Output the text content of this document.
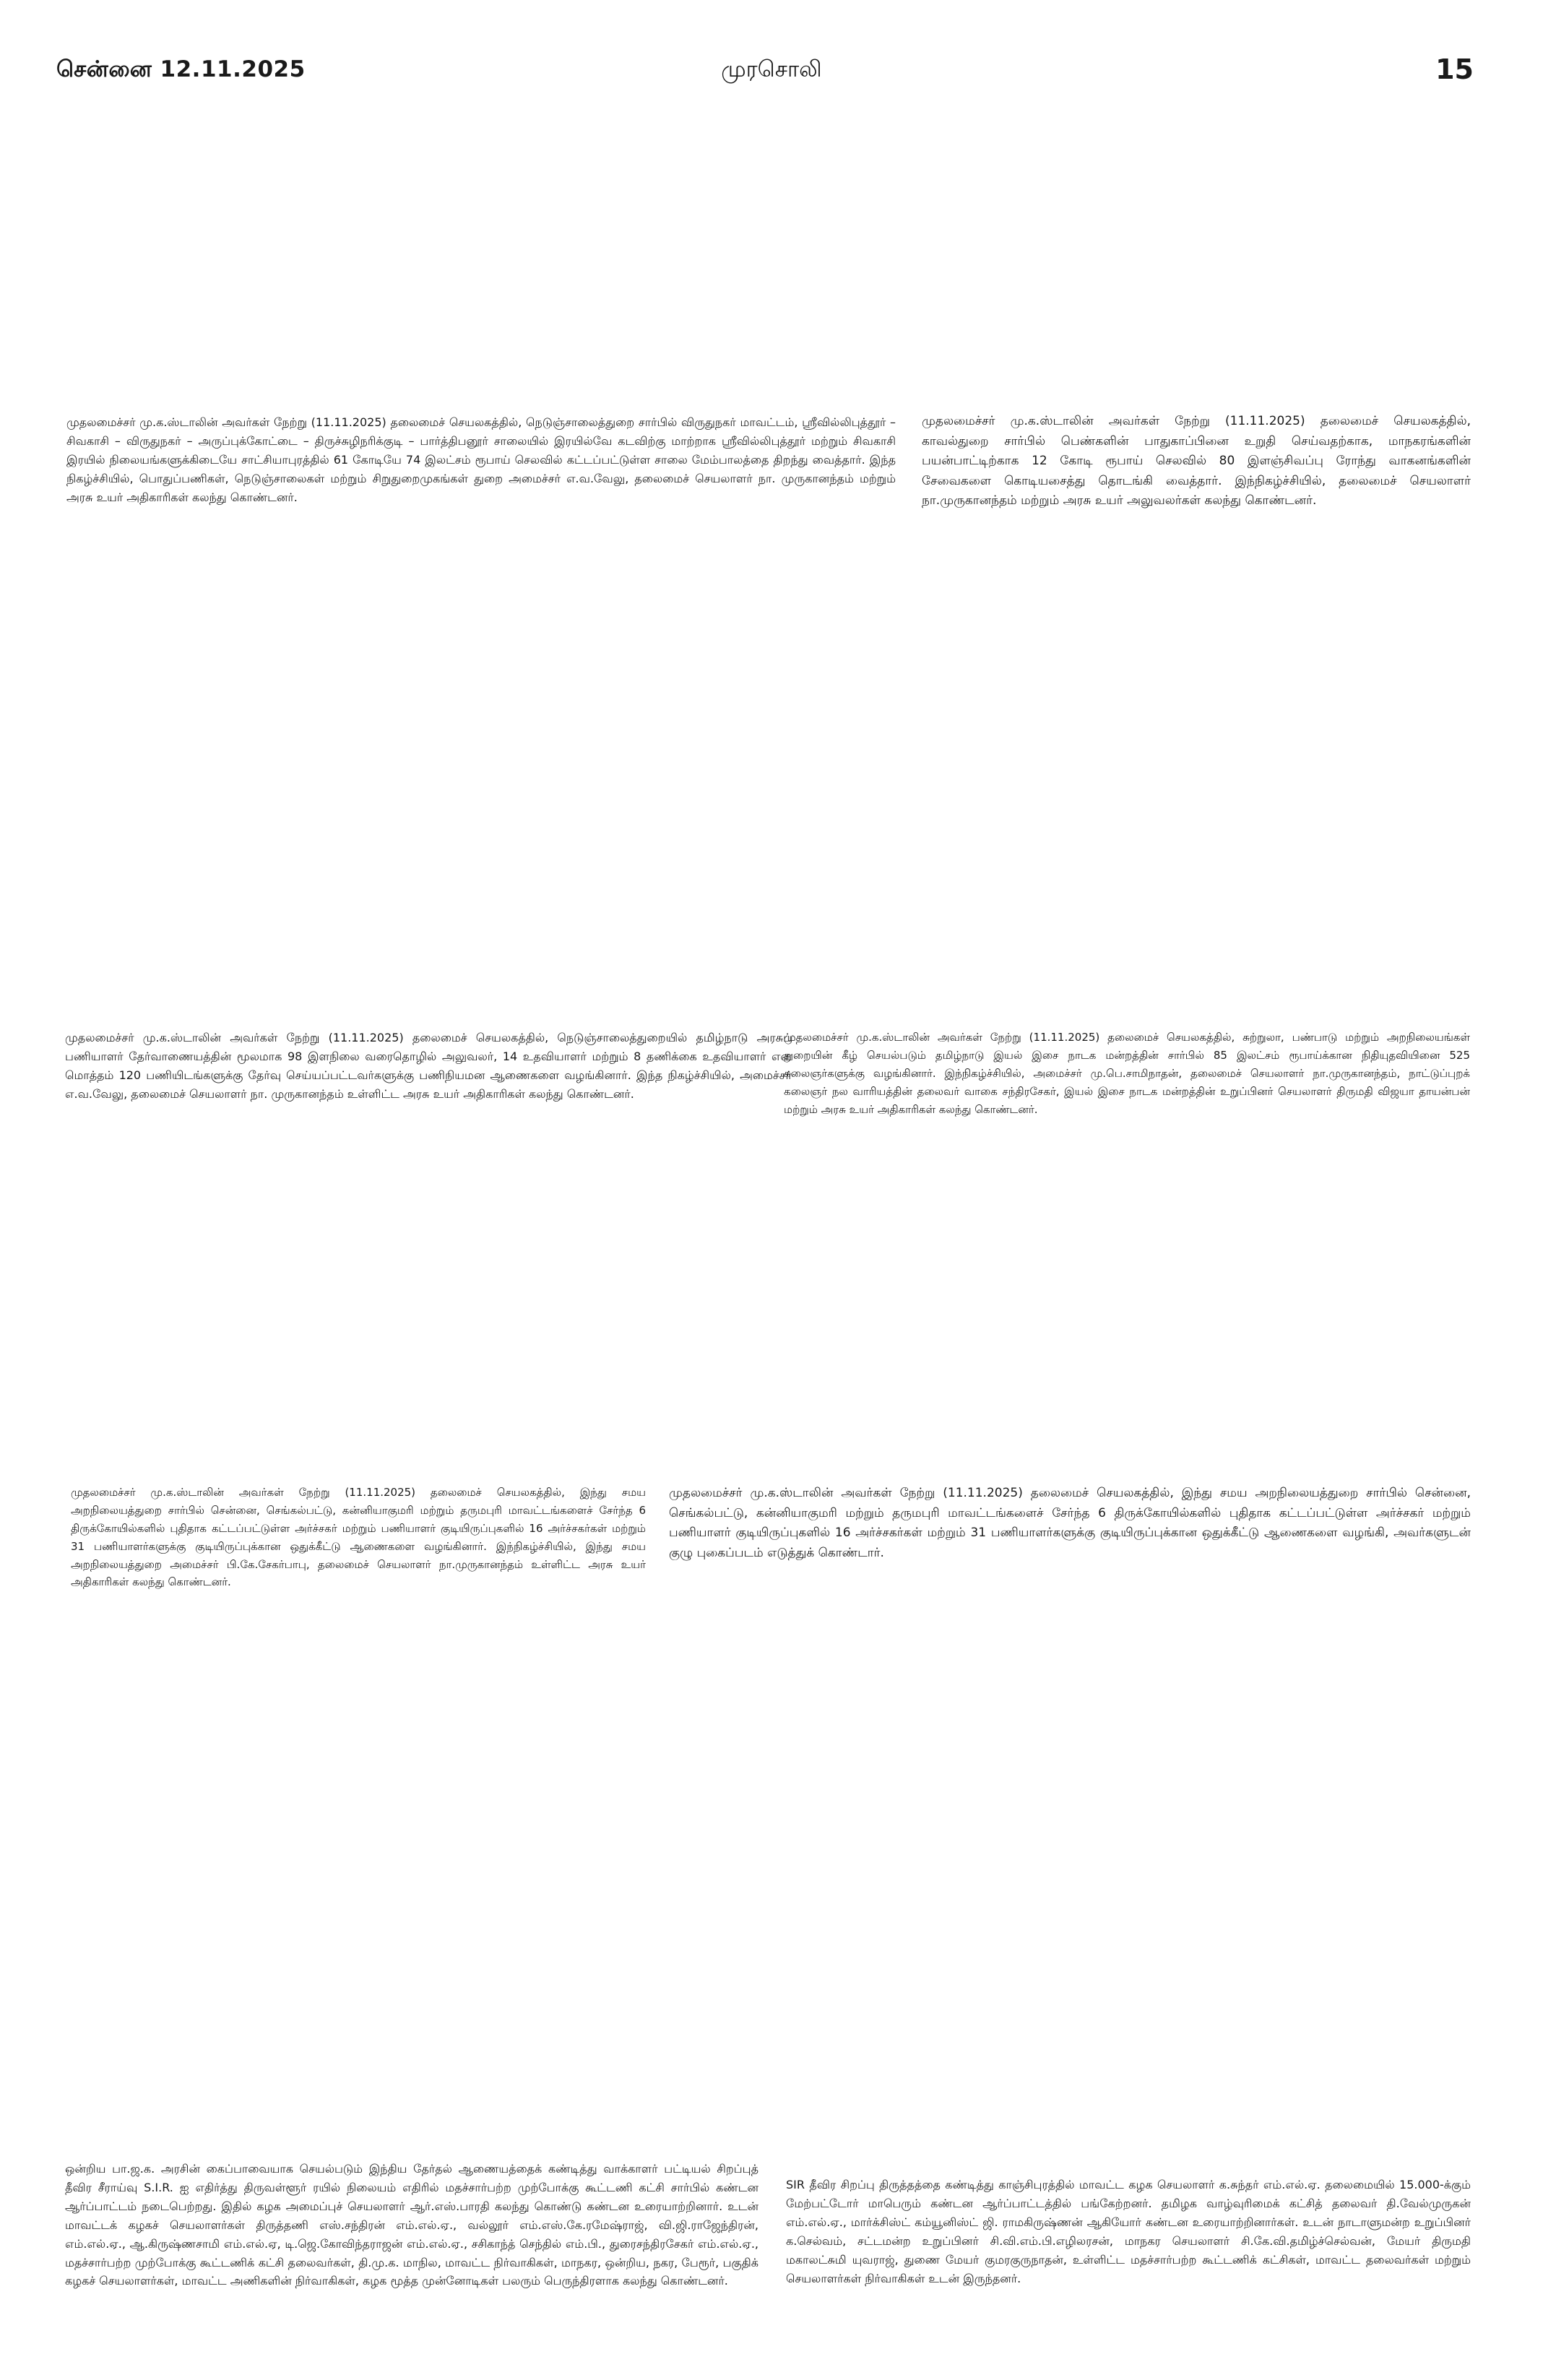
சென்னை 12.11.2025	முரசொலி	15

முதலமைச்சர் மு.க.ஸ்டாலின் அவர்கள் நேற்று (11.11.2025) தலைமைச் செயலகத்தில், நெடுஞ்சாலைத்துறை சார்பில் விருதுநகர் மாவட்டம், ஸ்ரீவில்லிபுத்தூர் – சிவகாசி – விருதுநகர் – அருப்புக்கோட்டை – திருச்சுழிநரிக்குடி – பார்த்திபனூர் சாலையில் இரயில்வே கடவிற்கு மாற்றாக ஸ்ரீவில்லிபுத்தூர் மற்றும் சிவகாசி இரயில் நிலையங்களுக்கிடையே சாட்சியாபுரத்தில் 61 கோடியே 74 இலட்சம் ரூபாய் செலவில் கட்டப்பட்டுள்ள சாலை மேம்பாலத்தை திறந்து வைத்தார். இந்த நிகழ்ச்சியில், பொதுப்பணிகள், நெடுஞ்சாலைகள் மற்றும் சிறுதுறைமுகங்கள் துறை அமைச்சர் எ.வ.வேலு, தலைமைச் செயலாளர் நா. முருகானந்தம் மற்றும் அரசு உயர் அதிகாரிகள் கலந்து கொண்டனர்.

முதலமைச்சர் மு.க.ஸ்டாலின் அவர்கள் நேற்று (11.11.2025) தலைமைச் செயலகத்தில், காவல்துறை சார்பில் பெண்களின் பாதுகாப்பினை உறுதி செய்வதற்காக, மாநகரங்களின் பயன்பாட்டிற்காக 12 கோடி ரூபாய் செலவில் 80 இளஞ்சிவப்பு ரோந்து வாகனங்களின் சேவைகளை கொடியசைத்து தொடங்கி வைத்தார். இந்நிகழ்ச்சியில், தலைமைச் செயலாளர் நா.முருகானந்தம் மற்றும் அரசு உயர் அலுவலர்கள் கலந்து கொண்டனர்.

முதலமைச்சர் மு.க.ஸ்டாலின் அவர்கள் நேற்று (11.11.2025) தலைமைச் செயலகத்தில், நெடுஞ்சாலைத்துறையில் தமிழ்நாடு அரசுப் பணியாளர் தேர்வாணையத்தின் மூலமாக 98 இளநிலை வரைதொழில் அலுவலர், 14 உதவியாளர் மற்றும் 8 தணிக்கை உதவியாளர் என மொத்தம் 120 பணியிடங்களுக்கு தேர்வு செய்யப்பட்டவர்களுக்கு பணிநியமன ஆணைகளை வழங்கினார். இந்த நிகழ்ச்சியில், அமைச்சர் எ.வ.வேலு, தலைமைச் செயலாளர் நா. முருகானந்தம் உள்ளிட்ட அரசு உயர் அதிகாரிகள் கலந்து கொண்டனர்.

முதலமைச்சர் மு.க.ஸ்டாலின் அவர்கள் நேற்று (11.11.2025) தலைமைச் செயலகத்தில், சுற்றுலா, பண்பாடு மற்றும் அறநிலையங்கள் துறையின் கீழ் செயல்படும் தமிழ்நாடு இயல் இசை நாடக மன்றத்தின் சார்பில் 85 இலட்சம் ரூபாய்க்கான நிதியுதவியினை 525 கலைஞர்களுக்கு வழங்கினார். இந்நிகழ்ச்சியில், அமைச்சர் மு.பெ.சாமிநாதன், தலைமைச் செயலாளர் நா.முருகானந்தம், நாட்டுப்புறக் கலைஞர் நல வாரியத்தின் தலைவர் வாகை சந்திரசேகர், இயல் இசை நாடக மன்றத்தின் உறுப்பினர் செயலாளர் திருமதி விஜயா தாயன்பன் மற்றும் அரசு உயர் அதிகாரிகள் கலந்து கொண்டனர்.

முதலமைச்சர் மு.க.ஸ்டாலின் அவர்கள் நேற்று (11.11.2025) தலைமைச் செயலகத்தில், இந்து சமய அறநிலையத்துறை சார்பில் சென்னை, செங்கல்பட்டு, கன்னியாகுமரி மற்றும் தருமபுரி மாவட்டங்களைச் சேர்ந்த 6 திருக்கோயில்களில் புதிதாக கட்டப்பட்டுள்ள அர்ச்சகர் மற்றும் பணியாளர் குடியிருப்புகளில் 16 அர்ச்சகர்கள் மற்றும் 31 பணியாளர்களுக்கு குடியிருப்புக்கான ஒதுக்கீட்டு ஆணைகளை வழங்கினார். இந்நிகழ்ச்சியில், இந்து சமய அறநிலையத்துறை அமைச்சர் பி.கே.சேகர்பாபு, தலைமைச் செயலாளர் நா.முருகானந்தம் உள்ளிட்ட அரசு உயர் அதிகாரிகள் கலந்து கொண்டனர்.

முதலமைச்சர் மு.க.ஸ்டாலின் அவர்கள் நேற்று (11.11.2025) தலைமைச் செயலகத்தில், இந்து சமய அறநிலையத்துறை சார்பில் சென்னை, செங்கல்பட்டு, கன்னியாகுமரி மற்றும் தருமபுரி மாவட்டங்களைச் சேர்ந்த 6 திருக்கோயில்களில் புதிதாக கட்டப்பட்டுள்ள அர்ச்சகர் மற்றும் பணியாளர் குடியிருப்புகளில் 16 அர்ச்சகர்கள் மற்றும் 31 பணியாளர்களுக்கு குடியிருப்புக்கான ஒதுக்கீட்டு ஆணைகளை வழங்கி, அவர்களுடன் குழு புகைப்படம் எடுத்துக் கொண்டார்.

ஒன்றிய பா.ஜ.க. அரசின் கைப்பாவையாக செயல்படும் இந்திய தேர்தல் ஆணையத்தைக் கண்டித்து வாக்காளர் பட்டியல் சிறப்புத் தீவிர சீராய்வு S.I.R. ஐ எதிர்த்து திருவள்ளூர் ரயில் நிலையம் எதிரில் மதச்சார்பற்ற முற்போக்கு கூட்டணி கட்சி சார்பில் கண்டன ஆர்ப்பாட்டம் நடைபெற்றது. இதில் கழக அமைப்புச் செயலாளர் ஆர்.எஸ்.பாரதி கலந்து கொண்டு கண்டன உரையாற்றினார். உடன் மாவட்டக் கழகச் செயலாளர்கள் திருத்தணி எஸ்.சந்திரன் எம்.எல்.ஏ., வல்லூர் எம்.எஸ்.கே.ரமேஷ்ராஜ், வி.ஜி.ராஜேந்திரன், எம்.எல்.ஏ., ஆ.கிருஷ்ணசாமி எம்.எல்.ஏ, டி.ஜெ.கோவிந்தராஜன் எம்.எல்.ஏ., சசிகாந்த் செந்தில் எம்.பி., துரைசந்திரசேகர் எம்.எல்.ஏ., மதச்சார்பற்ற முற்போக்கு கூட்டணிக் கட்சி தலைவர்கள், தி.மு.க. மாநில, மாவட்ட நிர்வாகிகள், மாநகர, ஒன்றிய, நகர, பேரூர், பகுதிக் கழகச் செயலாளர்கள், மாவட்ட அணிகளின் நிர்வாகிகள், கழக மூத்த முன்னோடிகள் பலரும் பெருந்திரளாக கலந்து கொண்டனர்.

SIR தீவிர சிறப்பு திருத்தத்தை கண்டித்து காஞ்சிபுரத்தில் மாவட்ட கழக செயலாளர் க.சுந்தர் எம்.எல்.ஏ. தலைமையில் 15.000-க்கும் மேற்பட்டோர் மாபெரும் கண்டன ஆர்ப்பாட்டத்தில் பங்கேற்றனர். தமிழக வாழ்வுரிமைக் கட்சித் தலைவர் தி.வேல்முருகன் எம்.எல்.ஏ., மார்க்சிஸ்ட் கம்யூனிஸ்ட் ஜி. ராமகிருஷ்ணன் ஆகியோர் கண்டன உரையாற்றினார்கள். உடன் நாடாளுமன்ற உறுப்பினர் க.செல்வம், சட்டமன்ற உறுப்பினர் சி.வி.எம்.பி.எழிலரசன், மாநகர செயலாளர் சி.கே.வி.தமிழ்ச்செல்வன், மேயர் திருமதி மகாலட்சுமி யுவராஜ், துணை மேயர் குமரகுருநாதன், உள்ளிட்ட மதச்சார்பற்ற கூட்டணிக் கட்சிகள், மாவட்ட தலைவர்கள் மற்றும் செயலாளர்கள் நிர்வாகிகள் உடன் இருந்தனர்.
